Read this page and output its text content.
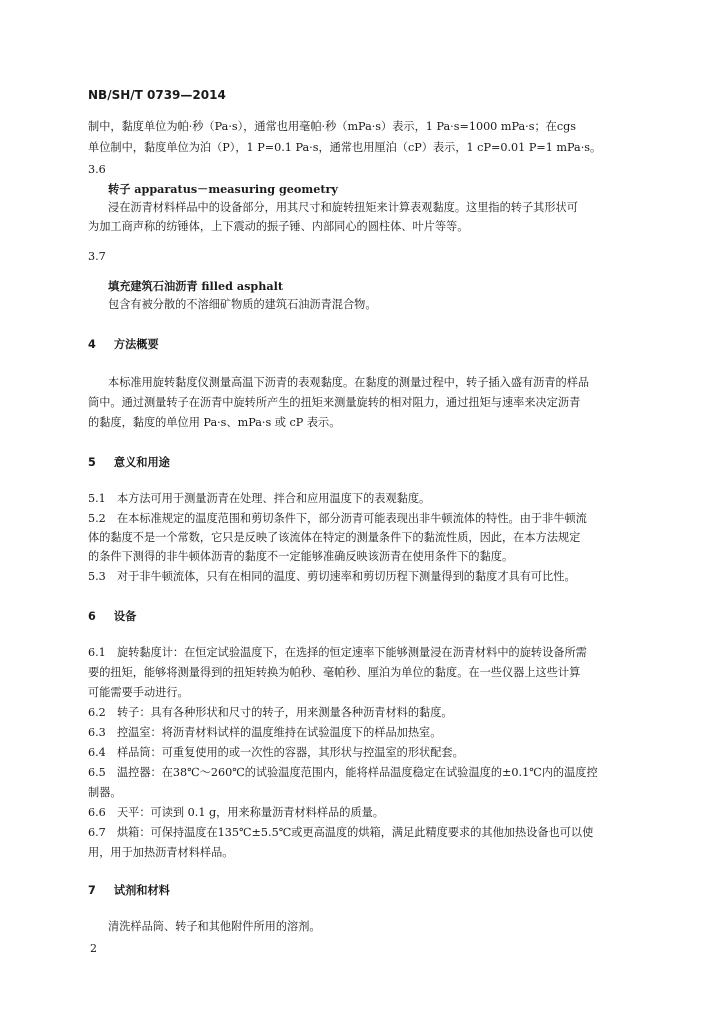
NB/SH/T 0739—2014
制中，黏度单位为帕·秒（Pa·s），通常也用毫帕·秒（mPa·s）表示，1 Pa·s=1000 mPa·s；在cgs
单位制中，黏度单位为泊（P），1 P=0.1 Pa·s，通常也用厘泊（cP）表示，1 cP=0.01 P=1 mPa·s。
3.6
转子 apparatus－measuring geometry
浸在沥青材料样品中的设备部分，用其尺寸和旋转扭矩来计算表观黏度。这里指的转子其形状可
为加工商声称的纺锤体，上下震动的振子锤、内部同心的圆柱体、叶片等等。
3.7
填充建筑石油沥青 filled asphalt
包含有被分散的不溶细矿物质的建筑石油沥青混合物。
4 方法概要
本标准用旋转黏度仪测量高温下沥青的表观黏度。在黏度的测量过程中，转子插入盛有沥青的样品
筒中。通过测量转子在沥青中旋转所产生的扭矩来测量旋转的相对阻力，通过扭矩与速率来决定沥青
的黏度，黏度的单位用 Pa·s、mPa·s 或 cP 表示。
5 意义和用途
5.1　本方法可用于测量沥青在处理、拌合和应用温度下的表观黏度。
5.2　在本标准规定的温度范围和剪切条件下，部分沥青可能表现出非牛顿流体的特性。由于非牛顿流
体的黏度不是一个常数，它只是反映了该流体在特定的测量条件下的黏流性质，因此，在本方法规定
的条件下测得的非牛顿体沥青的黏度不一定能够准确反映该沥青在使用条件下的黏度。
5.3　对于非牛顿流体，只有在相同的温度、剪切速率和剪切历程下测量得到的黏度才具有可比性。
6 设备
6.1　旋转黏度计：在恒定试验温度下，在选择的恒定速率下能够测量浸在沥青材料中的旋转设备所需
要的扭矩，能够将测量得到的扭矩转换为帕秒、毫帕秒、厘泊为单位的黏度。在一些仪器上这些计算
可能需要手动进行。
6.2　转子：具有各种形状和尺寸的转子，用来测量各种沥青材料的黏度。
6.3　控温室：将沥青材料试样的温度维持在试验温度下的样品加热室。
6.4　样品筒：可重复使用的或一次性的容器，其形状与控温室的形状配套。
6.5　温控器：在38℃～260℃的试验温度范围内，能将样品温度稳定在试验温度的±0.1℃内的温度控
制器。
6.6　天平：可读到 0.1 g，用来称量沥青材料样品的质量。
6.7　烘箱：可保持温度在135℃±5.5℃或更高温度的烘箱，满足此精度要求的其他加热设备也可以使
用，用于加热沥青材料样品。
7 试剂和材料
清洗样品筒、转子和其他附件所用的溶剂。
2
